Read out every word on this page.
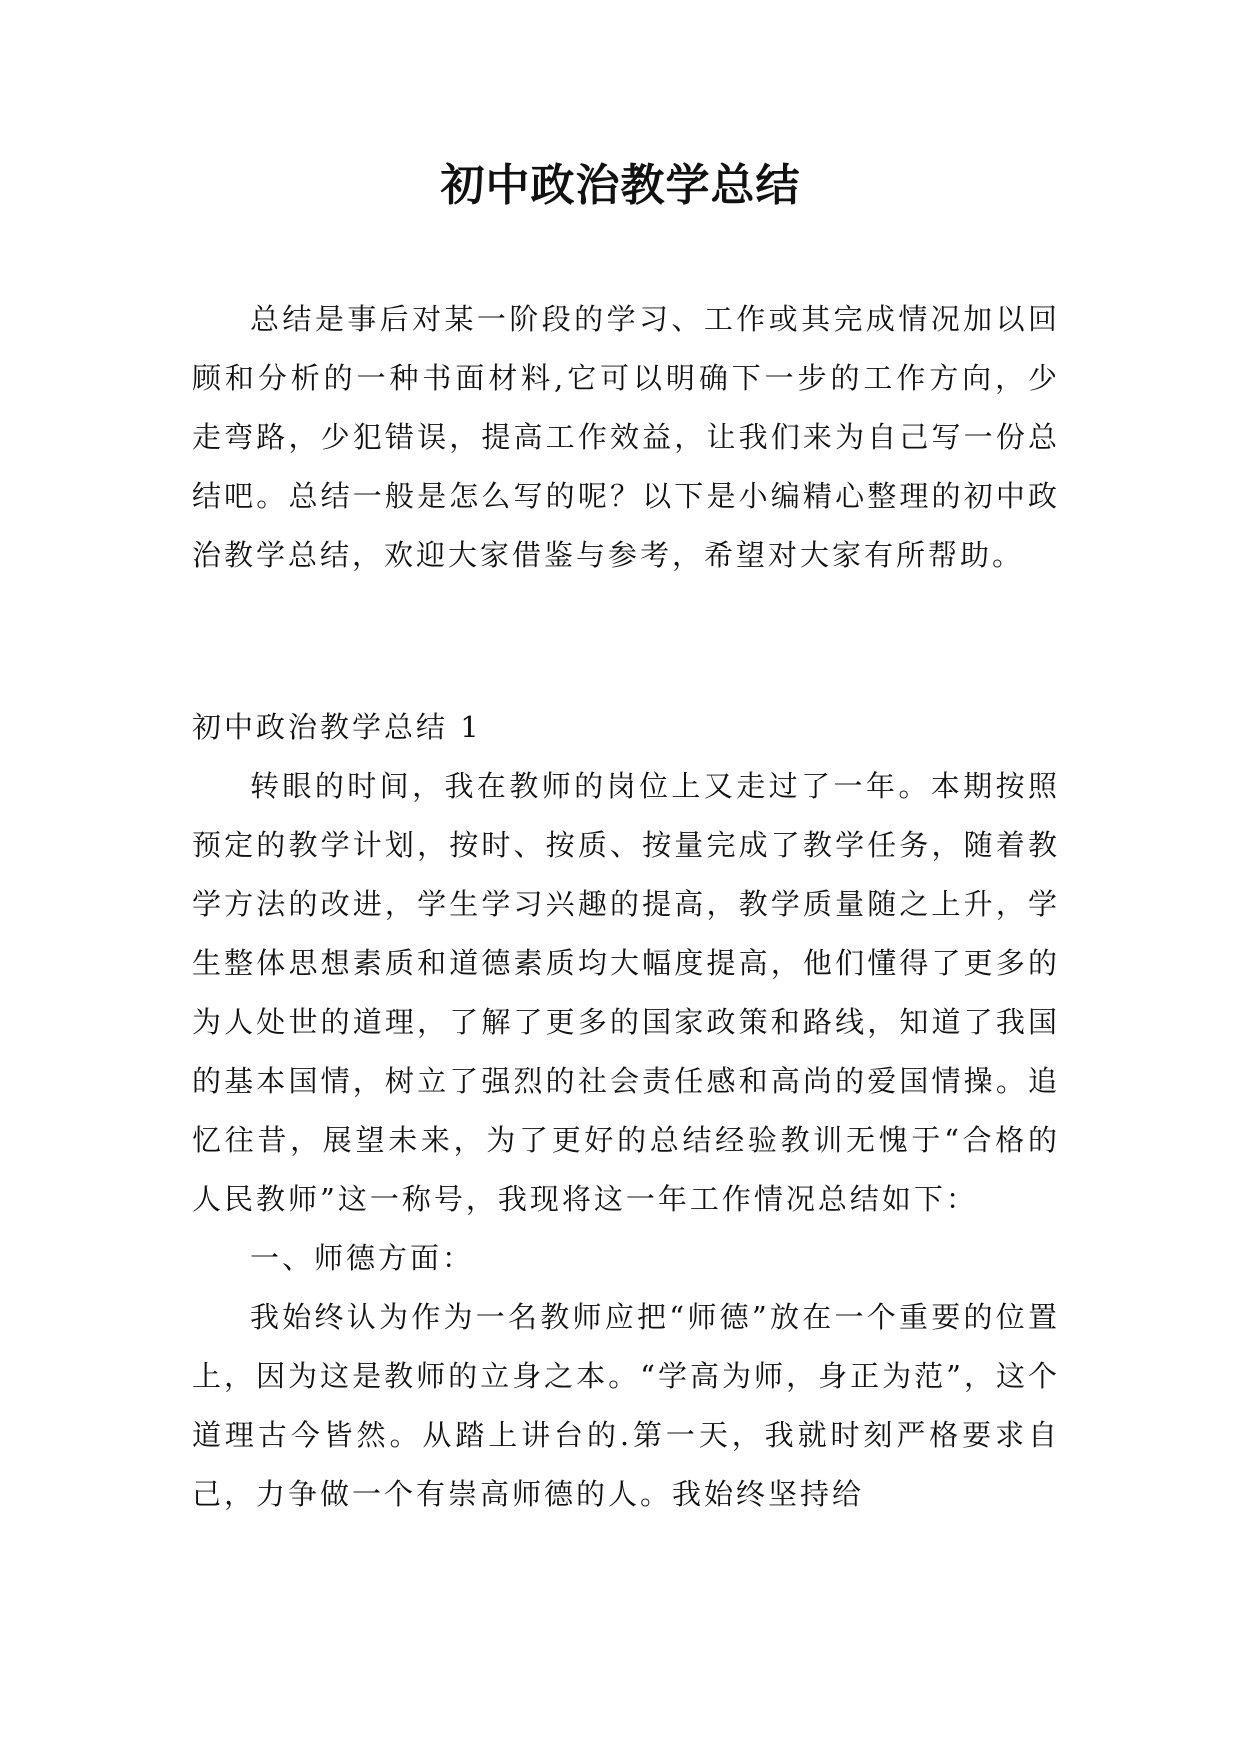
初中政治教学总结

总结是事后对某一阶段的学习、工作或其完成情况加以回顾和分析的一种书面材料,它可以明确下一步的工作方向，少走弯路，少犯错误，提高工作效益，让我们来为自己写一份总结吧。总结一般是怎么写的呢？以下是小编精心整理的初中政治教学总结，欢迎大家借鉴与参考，希望对大家有所帮助。

初中政治教学总结 1

转眼的时间，我在教师的岗位上又走过了一年。本期按照预定的教学计划，按时、按质、按量完成了教学任务，随着教学方法的改进，学生学习兴趣的提高，教学质量随之上升，学生整体思想素质和道德素质均大幅度提高，他们懂得了更多的为人处世的道理，了解了更多的国家政策和路线，知道了我国的基本国情，树立了强烈的社会责任感和高尚的爱国情操。追忆往昔，展望未来，为了更好的总结经验教训无愧于“合格的人民教师”这一称号，我现将这一年工作情况总结如下：

一、师德方面：

我始终认为作为一名教师应把“师德”放在一个重要的位置上，因为这是教师的立身之本。“学高为师，身正为范”，这个道理古今皆然。从踏上讲台的.第一天，我就时刻严格要求自己，力争做一个有崇高师德的人。我始终坚持给
